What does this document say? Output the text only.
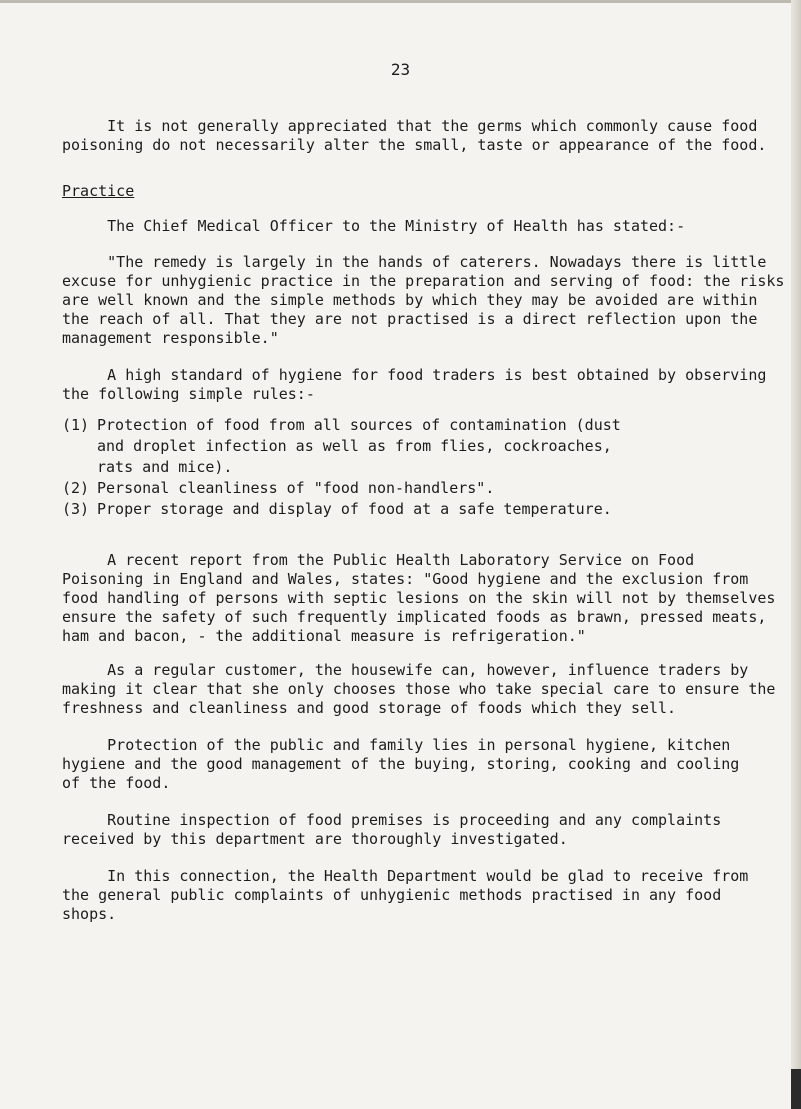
23
It is not generally appreciated that the germs which commonly cause food
poisoning do not necessarily alter the small, taste or appearance of the food.
Practice
The Chief Medical Officer to the Ministry of Health has stated:-
"The remedy is largely in the hands of caterers. Nowadays there is little
excuse for unhygienic practice in the preparation and serving of food: the risks
are well known and the simple methods by which they may be avoided are within
the reach of all. That they are not practised is a direct reflection upon the
management responsible."
A high standard of hygiene for food traders is best obtained by observing
the following simple rules:-
(1) Protection of food from all sources of contamination (dust
and droplet infection as well as from flies, cockroaches,
rats and mice).
(2) Personal cleanliness of "food non-handlers".
(3) Proper storage and display of food at a safe temperature.
A recent report from the Public Health Laboratory Service on Food
Poisoning in England and Wales, states: "Good hygiene and the exclusion from
food handling of persons with septic lesions on the skin will not by themselves
ensure the safety of such frequently implicated foods as brawn, pressed meats,
ham and bacon, - the additional measure is refrigeration."
As a regular customer, the housewife can, however, influence traders by
making it clear that she only chooses those who take special care to ensure the
freshness and cleanliness and good storage of foods which they sell.
Protection of the public and family lies in personal hygiene, kitchen
hygiene and the good management of the buying, storing, cooking and cooling
of the food.
Routine inspection of food premises is proceeding and any complaints
received by this department are thoroughly investigated.
In this connection, the Health Department would be glad to receive from
the general public complaints of unhygienic methods practised in any food
shops.
